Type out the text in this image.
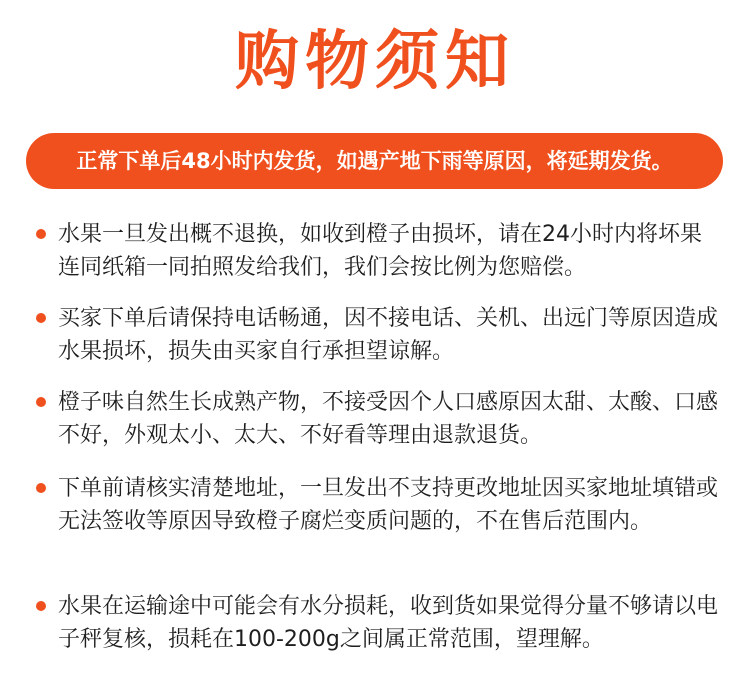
购物须知
正常下单后48小时内发货，如遇产地下雨等原因，将延期发货。
水果一旦发出概不退换，如收到橙子由损坏，请在24小时内将坏果连同纸箱一同拍照发给我们，我们会按比例为您赔偿。
买家下单后请保持电话畅通，因不接电话、关机、出远门等原因造成水果损坏，损失由买家自行承担望谅解。
橙子味自然生长成熟产物，不接受因个人口感原因太甜、太酸、口感不好，外观太小、太大、不好看等理由退款退货。
下单前请核实清楚地址，一旦发出不支持更改地址因买家地址填错或无法签收等原因导致橙子腐烂变质问题的，不在售后范围内。
水果在运输途中可能会有水分损耗，收到货如果觉得分量不够请以电子秤复核，损耗在100-200g之间属正常范围，望理解。
